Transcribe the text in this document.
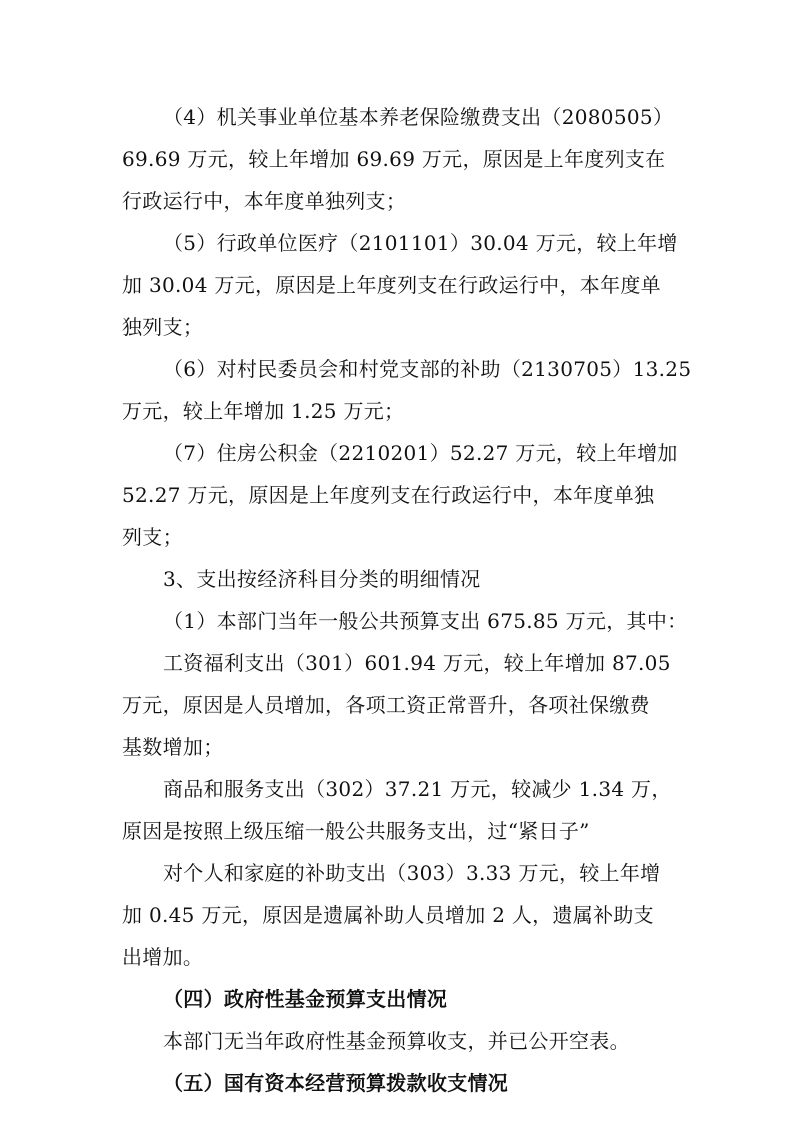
（4）机关事业单位基本养老保险缴费支出（2080505）
69.69 万元，较上年增加 69.69 万元，原因是上年度列支在
行政运行中，本年度单独列支；
（5）行政单位医疗（2101101）30.04 万元，较上年增
加 30.04 万元，原因是上年度列支在行政运行中，本年度单
独列支；
（6）对村民委员会和村党支部的补助（2130705）13.25
万元，较上年增加 1.25 万元；
（7）住房公积金（2210201）52.27 万元，较上年增加
52.27 万元，原因是上年度列支在行政运行中，本年度单独
列支；
3、支出按经济科目分类的明细情况
（1）本部门当年一般公共预算支出 675.85 万元，其中：
工资福利支出（301）601.94 万元，较上年增加 87.05
万元，原因是人员增加，各项工资正常晋升，各项社保缴费
基数增加；
商品和服务支出（302）37.21 万元，较减少 1.34 万，
原因是按照上级压缩一般公共服务支出，过“紧日子”
对个人和家庭的补助支出（303）3.33 万元，较上年增
加 0.45 万元，原因是遗属补助人员增加 2 人，遗属补助支
出增加。
（四）政府性基金预算支出情况
本部门无当年政府性基金预算收支，并已公开空表。
（五）国有资本经营预算拨款收支情况
